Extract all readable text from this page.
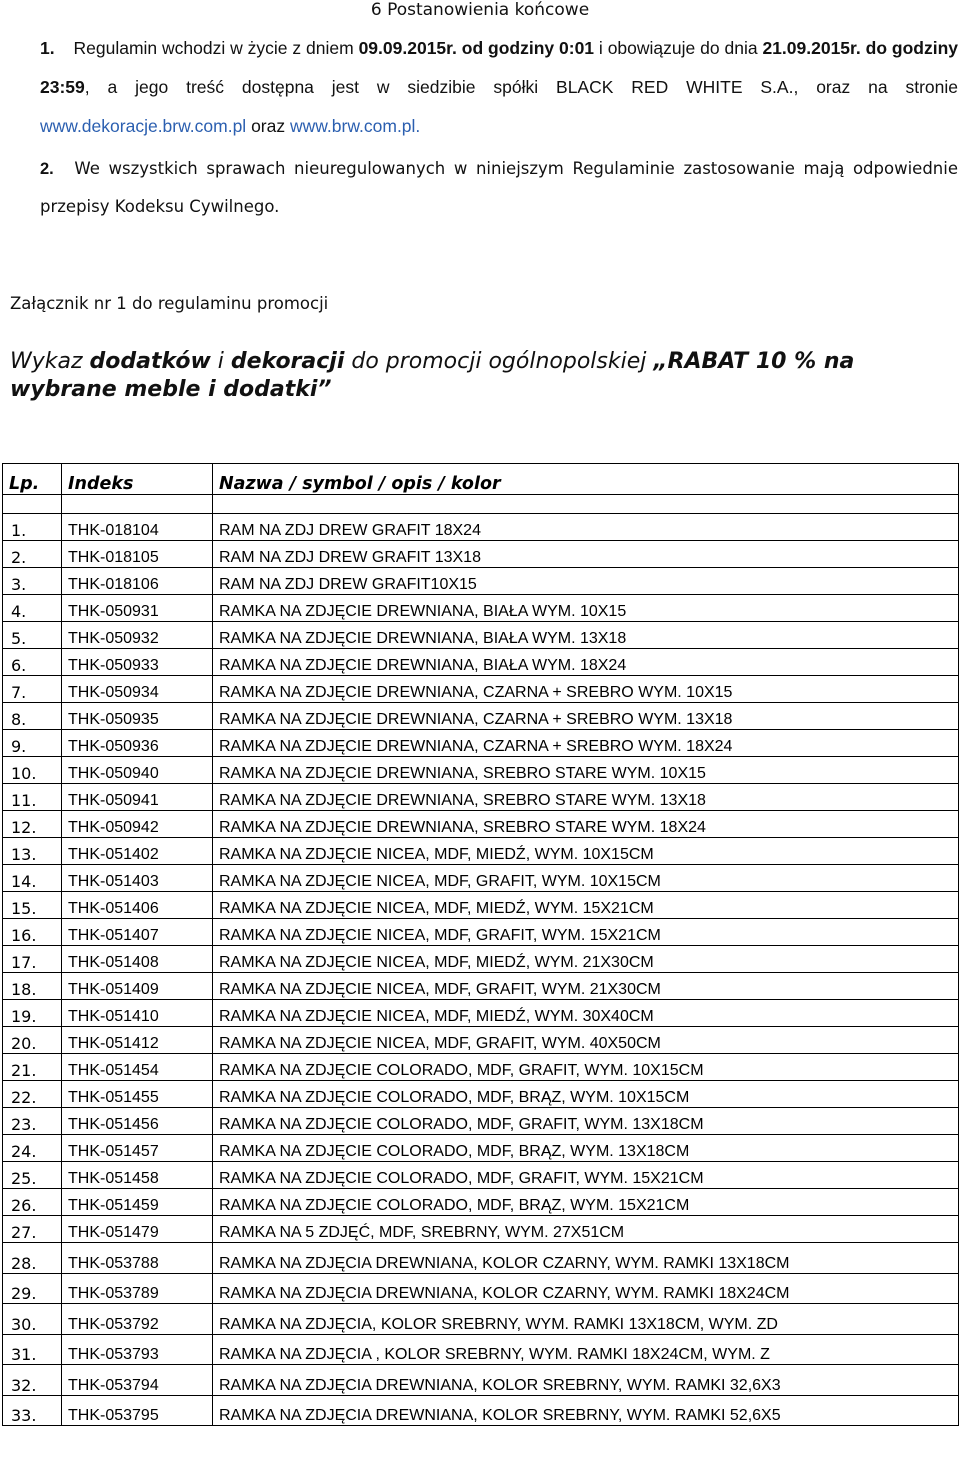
6 Postanowienia końcowe
1. Regulamin wchodzi w życie z dniem 09.09.2015r. od godziny 0:01 i obowiązuje do dnia 21.09.2015r. do godziny 23:59, a jego treść dostępna jest w siedzibie spółki BLACK RED WHITE S.A., oraz na stronie www.dekoracje.brw.com.pl oraz www.brw.com.pl.
2. We wszystkich sprawach nieuregulowanych w niniejszym Regulaminie zastosowanie mają odpowiednie przepisy Kodeksu Cywilnego.
Załącznik nr 1 do regulaminu promocji
Wykaz dodatków i dekoracji do promocji ogólnopolskiej „RABAT 10 % na wybrane meble i dodatki”
Lp.	Indeks	Nazwa / symbol / opis / kolor

1.	THK-018104	RAM NA ZDJ DREW GRAFIT 18X24
2.	THK-018105	RAM NA ZDJ DREW GRAFIT 13X18
3.	THK-018106	RAM NA ZDJ DREW GRAFIT10X15
4.	THK-050931	RAMKA NA ZDJĘCIE DREWNIANA, BIAŁA WYM. 10X15
5.	THK-050932	RAMKA NA ZDJĘCIE DREWNIANA, BIAŁA WYM. 13X18
6.	THK-050933	RAMKA NA ZDJĘCIE DREWNIANA, BIAŁA WYM. 18X24
7.	THK-050934	RAMKA NA ZDJĘCIE DREWNIANA, CZARNA + SREBRO WYM. 10X15
8.	THK-050935	RAMKA NA ZDJĘCIE DREWNIANA, CZARNA + SREBRO WYM. 13X18
9.	THK-050936	RAMKA NA ZDJĘCIE DREWNIANA, CZARNA + SREBRO WYM. 18X24
10.	THK-050940	RAMKA NA ZDJĘCIE DREWNIANA, SREBRO STARE WYM. 10X15
11.	THK-050941	RAMKA NA ZDJĘCIE DREWNIANA, SREBRO STARE WYM. 13X18
12.	THK-050942	RAMKA NA ZDJĘCIE DREWNIANA, SREBRO STARE WYM. 18X24
13.	THK-051402	RAMKA NA ZDJĘCIE NICEA, MDF, MIEDŹ, WYM. 10X15CM
14.	THK-051403	RAMKA NA ZDJĘCIE NICEA, MDF, GRAFIT, WYM. 10X15CM
15.	THK-051406	RAMKA NA ZDJĘCIE NICEA, MDF, MIEDŹ, WYM. 15X21CM
16.	THK-051407	RAMKA NA ZDJĘCIE NICEA, MDF, GRAFIT, WYM. 15X21CM
17.	THK-051408	RAMKA NA ZDJĘCIE NICEA, MDF, MIEDŹ, WYM. 21X30CM
18.	THK-051409	RAMKA NA ZDJĘCIE NICEA, MDF, GRAFIT, WYM. 21X30CM
19.	THK-051410	RAMKA NA ZDJĘCIE NICEA, MDF, MIEDŹ, WYM. 30X40CM
20.	THK-051412	RAMKA NA ZDJĘCIE NICEA, MDF, GRAFIT, WYM. 40X50CM
21.	THK-051454	RAMKA NA ZDJĘCIE COLORADO, MDF, GRAFIT, WYM. 10X15CM
22.	THK-051455	RAMKA NA ZDJĘCIE COLORADO, MDF, BRĄZ, WYM. 10X15CM
23.	THK-051456	RAMKA NA ZDJĘCIE COLORADO, MDF, GRAFIT, WYM. 13X18CM
24.	THK-051457	RAMKA NA ZDJĘCIE COLORADO, MDF, BRĄZ, WYM. 13X18CM
25.	THK-051458	RAMKA NA ZDJĘCIE COLORADO, MDF, GRAFIT, WYM. 15X21CM
26.	THK-051459	RAMKA NA ZDJĘCIE COLORADO, MDF, BRĄZ, WYM. 15X21CM
27.	THK-051479	RAMKA NA 5 ZDJĘĆ, MDF, SREBRNY, WYM. 27X51CM
28.	THK-053788	RAMKA NA ZDJĘCIA DREWNIANA, KOLOR CZARNY, WYM. RAMKI 13X18CM
29.	THK-053789	RAMKA NA ZDJĘCIA DREWNIANA, KOLOR CZARNY, WYM. RAMKI 18X24CM
30.	THK-053792	RAMKA NA ZDJĘCIA, KOLOR SREBRNY, WYM. RAMKI 13X18CM, WYM. ZD
31.	THK-053793	RAMKA NA ZDJĘCIA , KOLOR SREBRNY, WYM. RAMKI 18X24CM, WYM. Z
32.	THK-053794	RAMKA NA ZDJĘCIA DREWNIANA, KOLOR SREBRNY, WYM. RAMKI 32,6X3
33.	THK-053795	RAMKA NA ZDJĘCIA DREWNIANA, KOLOR SREBRNY, WYM. RAMKI 52,6X5
